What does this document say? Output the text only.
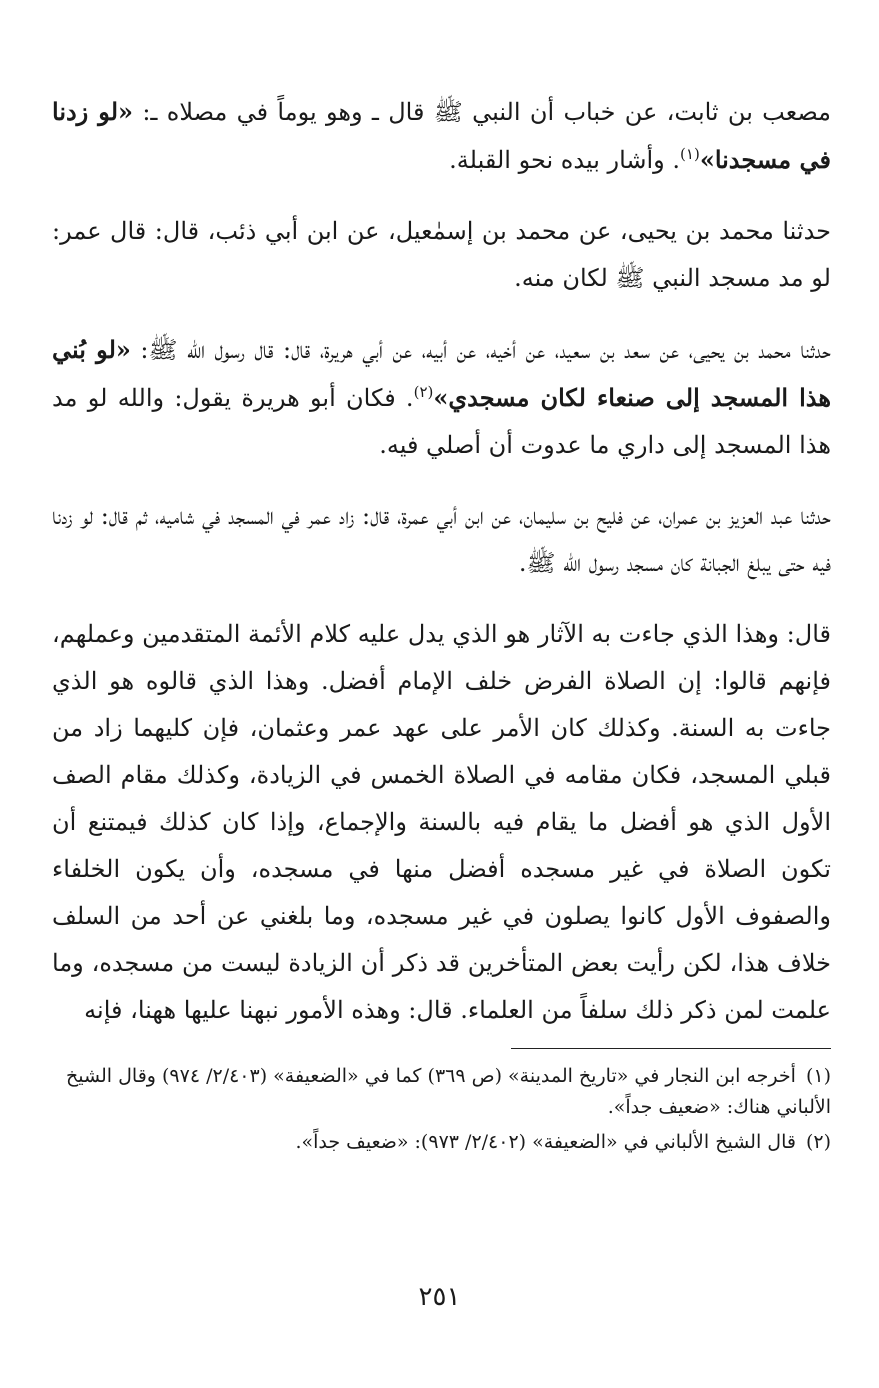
مصعب بن ثابت، عن خباب أن النبي ﷺ قال ـ وهو يوماً في مصلاه ـ: «لو زدنا في مسجدنا»$^{(١)}$. وأشار بيده نحو القبلة.

حدثنا محمد بن يحيى، عن محمد بن إسمٰعيل، عن ابن أبي ذئب، قال: قال عمر: لو مد مسجد النبي ﷺ لكان منه.

حدثنا محمد بن يحيى، عن سعد بن سعيد، عن أخيه، عن أبيه، عن أبي هريرة، قال: قال رسول الله ﷺ: «لو بُني هذا المسجد إلى صنعاء لكان مسجدي»$^{(٢)}$. فكان أبو هريرة يقول: والله لو مد هذا المسجد إلى داري ما عدوت أن أصلي فيه.

حدثنا عبد العزيز بن عمران، عن فليح بن سليمان، عن ابن أبي عمرة، قال: زاد عمر في المسجد في شاميه، ثم قال: لو زدنا فيه حتى يبلغ الجبانة كان مسجد رسول الله ﷺ.

قال: وهذا الذي جاءت به الآثار هو الذي يدل عليه كلام الأئمة المتقدمين وعملهم، فإنهم قالوا: إن الصلاة الفرض خلف الإمام أفضل. وهذا الذي قالوه هو الذي جاءت به السنة. وكذلك كان الأمر على عهد عمر وعثمان، فإن كليهما زاد من قبلي المسجد، فكان مقامه في الصلاة الخمس في الزيادة، وكذلك مقام الصف الأول الذي هو أفضل ما يقام فيه بالسنة والإجماع، وإذا كان كذلك فيمتنع أن تكون الصلاة في غير مسجده أفضل منها في مسجده، وأن يكون الخلفاء والصفوف الأول كانوا يصلون في غير مسجده، وما بلغني عن أحد من السلف خلاف هذا، لكن رأيت بعض المتأخرين قد ذكر أن الزيادة ليست من مسجده، وما علمت لمن ذكر ذلك سلفاً من العلماء. قال: وهذه الأمور نبهنا عليها ههنا، فإنه

(١)أخرجه ابن النجار في «تاريخ المدينة» (ص ٣٦٩) كما في «الضعيفة» (٢/٤٠٣/ ٩٧٤) وقال الشيخ الألباني هناك: «ضعيف جداً».

(٢)قال الشيخ الألباني في «الضعيفة» (٢/٤٠٢/ ٩٧٣): «ضعيف جداً».

٢٥١
